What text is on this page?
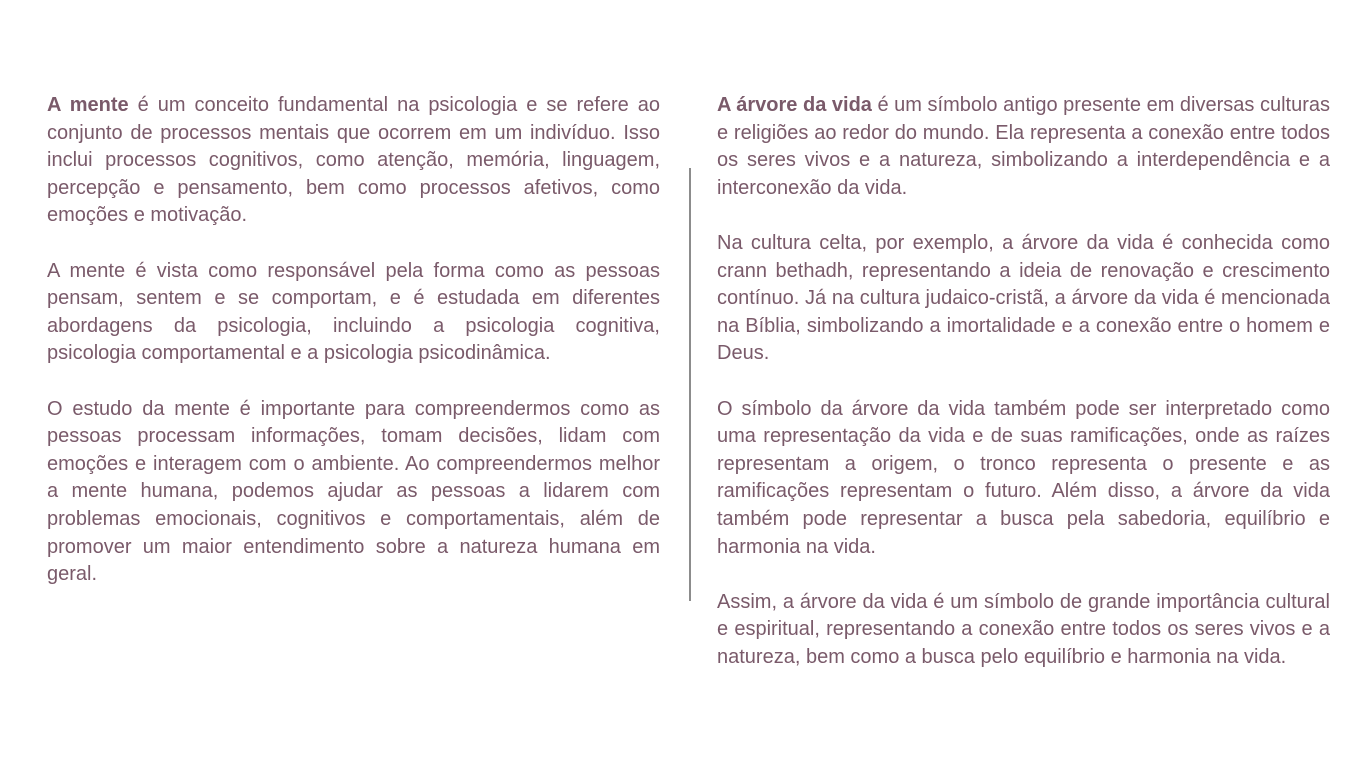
A mente é um conceito fundamental na psicologia e se refere ao conjunto de processos mentais que ocorrem em um indivíduo. Isso inclui processos cognitivos, como atenção, memória, linguagem, percepção e pensamento, bem como processos afetivos, como emoções e motivação.

A mente é vista como responsável pela forma como as pessoas pensam, sentem e se comportam, e é estudada em diferentes abordagens da psicologia, incluindo a psicologia cognitiva, psicologia comportamental e a psicologia psicodinâmica.

O estudo da mente é importante para compreendermos como as pessoas processam informações, tomam decisões, lidam com emoções e interagem com o ambiente. Ao compreendermos melhor a mente humana, podemos ajudar as pessoas a lidarem com problemas emocionais, cognitivos e comportamentais, além de promover um maior entendimento sobre a natureza humana em geral.

A árvore da vida é um símbolo antigo presente em diversas culturas e religiões ao redor do mundo. Ela representa a conexão entre todos os seres vivos e a natureza, simbolizando a interdependência e a interconexão da vida.

Na cultura celta, por exemplo, a árvore da vida é conhecida como crann bethadh, representando a ideia de renovação e crescimento contínuo. Já na cultura judaico-cristã, a árvore da vida é mencionada na Bíblia, simbolizando a imortalidade e a conexão entre o homem e Deus.

O símbolo da árvore da vida também pode ser interpretado como uma representação da vida e de suas ramificações, onde as raízes representam a origem, o tronco representa o presente e as ramificações representam o futuro. Além disso, a árvore da vida também pode representar a busca pela sabedoria, equilíbrio e harmonia na vida.

Assim, a árvore da vida é um símbolo de grande importância cultural e espiritual, representando a conexão entre todos os seres vivos e a natureza, bem como a busca pelo equilíbrio e harmonia na vida.
